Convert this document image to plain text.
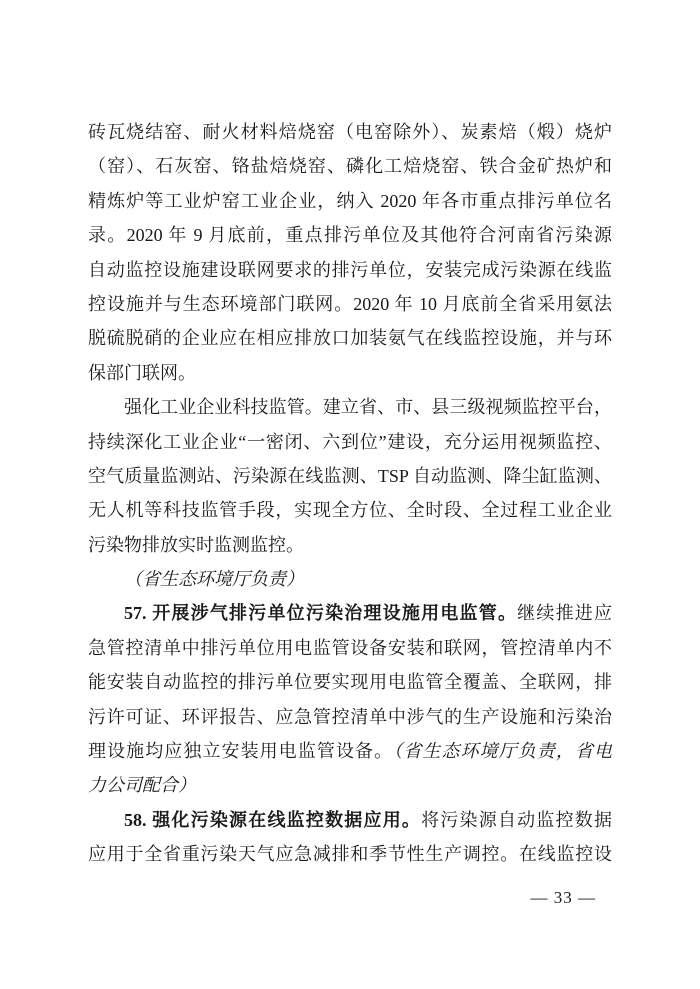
砖瓦烧结窑、耐火材料焙烧窑（电窑除外）、炭素焙（煅）烧炉
（窑）、石灰窑、铬盐焙烧窑、磷化工焙烧窑、铁合金矿热炉和
精炼炉等工业炉窑工业企业，纳入 2020 年各市重点排污单位名
录。2020 年 9 月底前，重点排污单位及其他符合河南省污染源
自动监控设施建设联网要求的排污单位，安装完成污染源在线监
控设施并与生态环境部门联网。2020 年 10 月底前全省采用氨法
脱硫脱硝的企业应在相应排放口加装氨气在线监控设施，并与环
保部门联网。
强化工业企业科技监管。建立省、市、县三级视频监控平台，
持续深化工业企业“一密闭、六到位”建设，充分运用视频监控、
空气质量监测站、污染源在线监测、TSP 自动监测、降尘缸监测、
无人机等科技监管手段，实现全方位、全时段、全过程工业企业
污染物排放实时监测监控。
（省生态环境厅负责）
57. 开展涉气排污单位污染治理设施用电监管。继续推进应
急管控清单中排污单位用电监管设备安装和联网，管控清单内不
能安装自动监控的排污单位要实现用电监管全覆盖、全联网，排
污许可证、环评报告、应急管控清单中涉气的生产设施和污染治
理设施均应独立安装用电监管设备。（省生态环境厅负责，省电
力公司配合）
58. 强化污染源在线监控数据应用。将污染源自动监控数据
应用于全省重污染天气应急减排和季节性生产调控。在线监控设
— 33 —
